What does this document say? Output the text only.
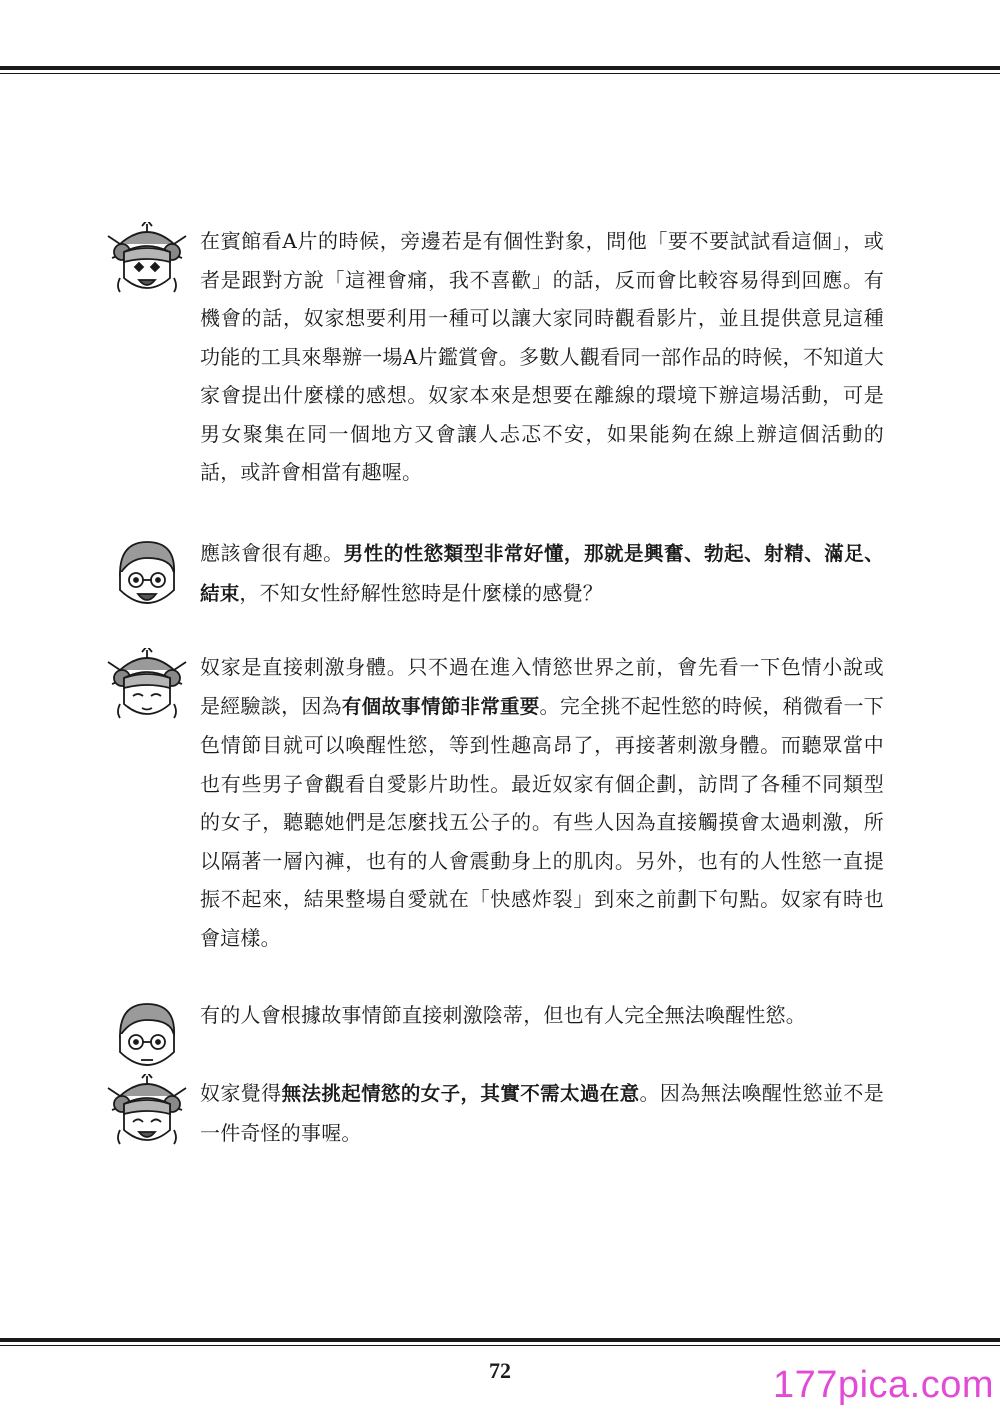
在賓館看A片的時候，旁邊若是有個性對象，問他「要不要試試看這個」，或者是跟對方說「這裡會痛，我不喜歡」的話，反而會比較容易得到回應。有機會的話，奴家想要利用一種可以讓大家同時觀看影片，並且提供意見這種功能的工具來舉辦一場A片鑑賞會。多數人觀看同一部作品的時候，不知道大家會提出什麼樣的感想。奴家本來是想要在離線的環境下辦這場活動，可是男女聚集在同一個地方又會讓人忐忑不安，如果能夠在線上辦這個活動的話，或許會相當有趣喔。

應該會很有趣。男性的性慾類型非常好懂，那就是興奮、勃起、射精、滿足、結束，不知女性紓解性慾時是什麼樣的感覺？

奴家是直接刺激身體。只不過在進入情慾世界之前，會先看一下色情小說或是經驗談，因為有個故事情節非常重要。完全挑不起性慾的時候，稍微看一下色情節目就可以喚醒性慾，等到性趣高昂了，再接著刺激身體。而聽眾當中也有些男子會觀看自愛影片助性。最近奴家有個企劃，訪問了各種不同類型的女子，聽聽她們是怎麼找五公子的。有些人因為直接觸摸會太過刺激，所以隔著一層內褲，也有的人會震動身上的肌肉。另外，也有的人性慾一直提振不起來，結果整場自愛就在「快感炸裂」到來之前劃下句點。奴家有時也會這樣。

有的人會根據故事情節直接刺激陰蒂，但也有人完全無法喚醒性慾。

奴家覺得無法挑起情慾的女子，其實不需太過在意。因為無法喚醒性慾並不是一件奇怪的事喔。

72	177pica.com
